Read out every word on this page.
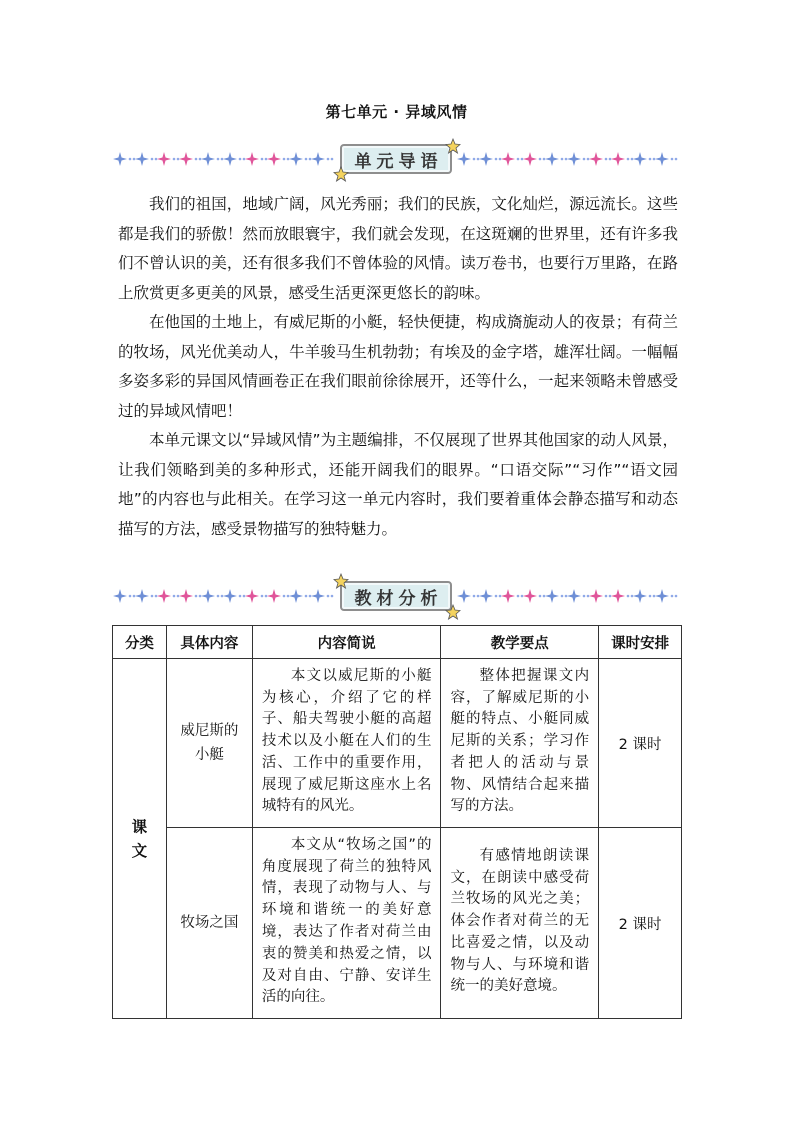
第七单元 · 异域风情
单元导语

我们的祖国，地域广阔，风光秀丽；我们的民族，文化灿烂，源远流长。这些都是我们的骄傲！然而放眼寰宇，我们就会发现，在这斑斓的世界里，还有许多我们不曾认识的美，还有很多我们不曾体验的风情。读万卷书，也要行万里路，在路上欣赏更多更美的风景，感受生活更深更悠长的韵味。

在他国的土地上，有威尼斯的小艇，轻快便捷，构成旖旎动人的夜景；有荷兰的牧场，风光优美动人，牛羊骏马生机勃勃；有埃及的金字塔，雄浑壮阔。一幅幅多姿多彩的异国风情画卷正在我们眼前徐徐展开，还等什么，一起来领略未曾感受过的异域风情吧！

本单元课文以“异域风情”为主题编排，不仅展现了世界其他国家的动人风景，让我们领略到美的多种形式，还能开阔我们的眼界。“口语交际”“习作”“语文园地”的内容也与此相关。在学习这一单元内容时，我们要着重体会静态描写和动态描写的方法，感受景物描写的独特魅力。

教材分析
分类	具体内容	内容简说	教学要点	课时安排
课文	威尼斯的小艇	本文以威尼斯的小艇为核心，介绍了它的样子、船夫驾驶小艇的高超技术以及小艇在人们的生活、工作中的重要作用，展现了威尼斯这座水上名城特有的风光。	整体把握课文内容，了解威尼斯的小艇的特点、小艇同威尼斯的关系；学习作者把人的活动与景物、风情结合起来描写的方法。	2 课时
	牧场之国	本文从“牧场之国”的角度展现了荷兰的独特风情，表现了动物与人、与环境和谐统一的美好意境，表达了作者对荷兰由衷的赞美和热爱之情，以及对自由、宁静、安详生活的向往。	有感情地朗读课文，在朗读中感受荷兰牧场的风光之美；体会作者对荷兰的无比喜爱之情，以及动物与人、与环境和谐统一的美好意境。	2 课时
